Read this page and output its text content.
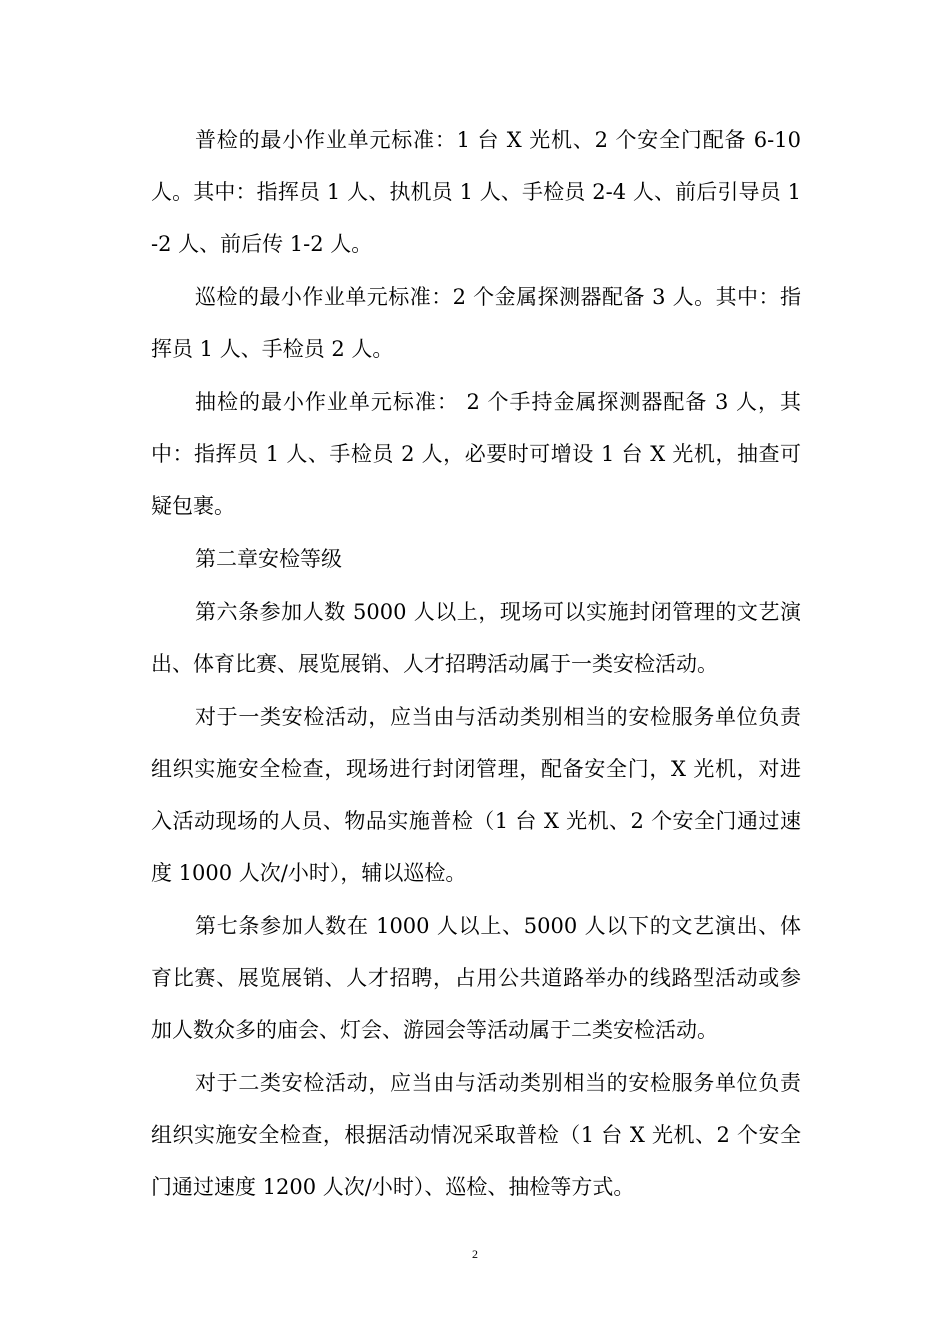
普检的最小作业单元标准：1 台 X 光机、2 个安全门配备 6-10 人。其中：指挥员 1 人、执机员 1 人、手检员 2-4 人、前后引导员 1-2 人、前后传 1-2 人。

巡检的最小作业单元标准：2 个金属探测器配备 3 人。其中：指挥员 1 人、手检员 2 人。

抽检的最小作业单元标准： 2 个手持金属探测器配备 3 人，其中：指挥员 1 人、手检员 2 人，必要时可增设 1 台 X 光机，抽查可疑包裹。

第二章安检等级

第六条参加人数 5000 人以上，现场可以实施封闭管理的文艺演出、体育比赛、展览展销、人才招聘活动属于一类安检活动。

对于一类安检活动，应当由与活动类别相当的安检服务单位负责组织实施安全检查，现场进行封闭管理，配备安全门，X 光机，对进入活动现场的人员、物品实施普检（1 台 X 光机、2 个安全门通过速度 1000 人次/小时），辅以巡检。

第七条参加人数在 1000 人以上、5000 人以下的文艺演出、体育比赛、展览展销、人才招聘，占用公共道路举办的线路型活动或参加人数众多的庙会、灯会、游园会等活动属于二类安检活动。

对于二类安检活动，应当由与活动类别相当的安检服务单位负责组织实施安全检查，根据活动情况采取普检（1 台 X 光机、2 个安全门通过速度 1200 人次/小时）、巡检、抽检等方式。

2
